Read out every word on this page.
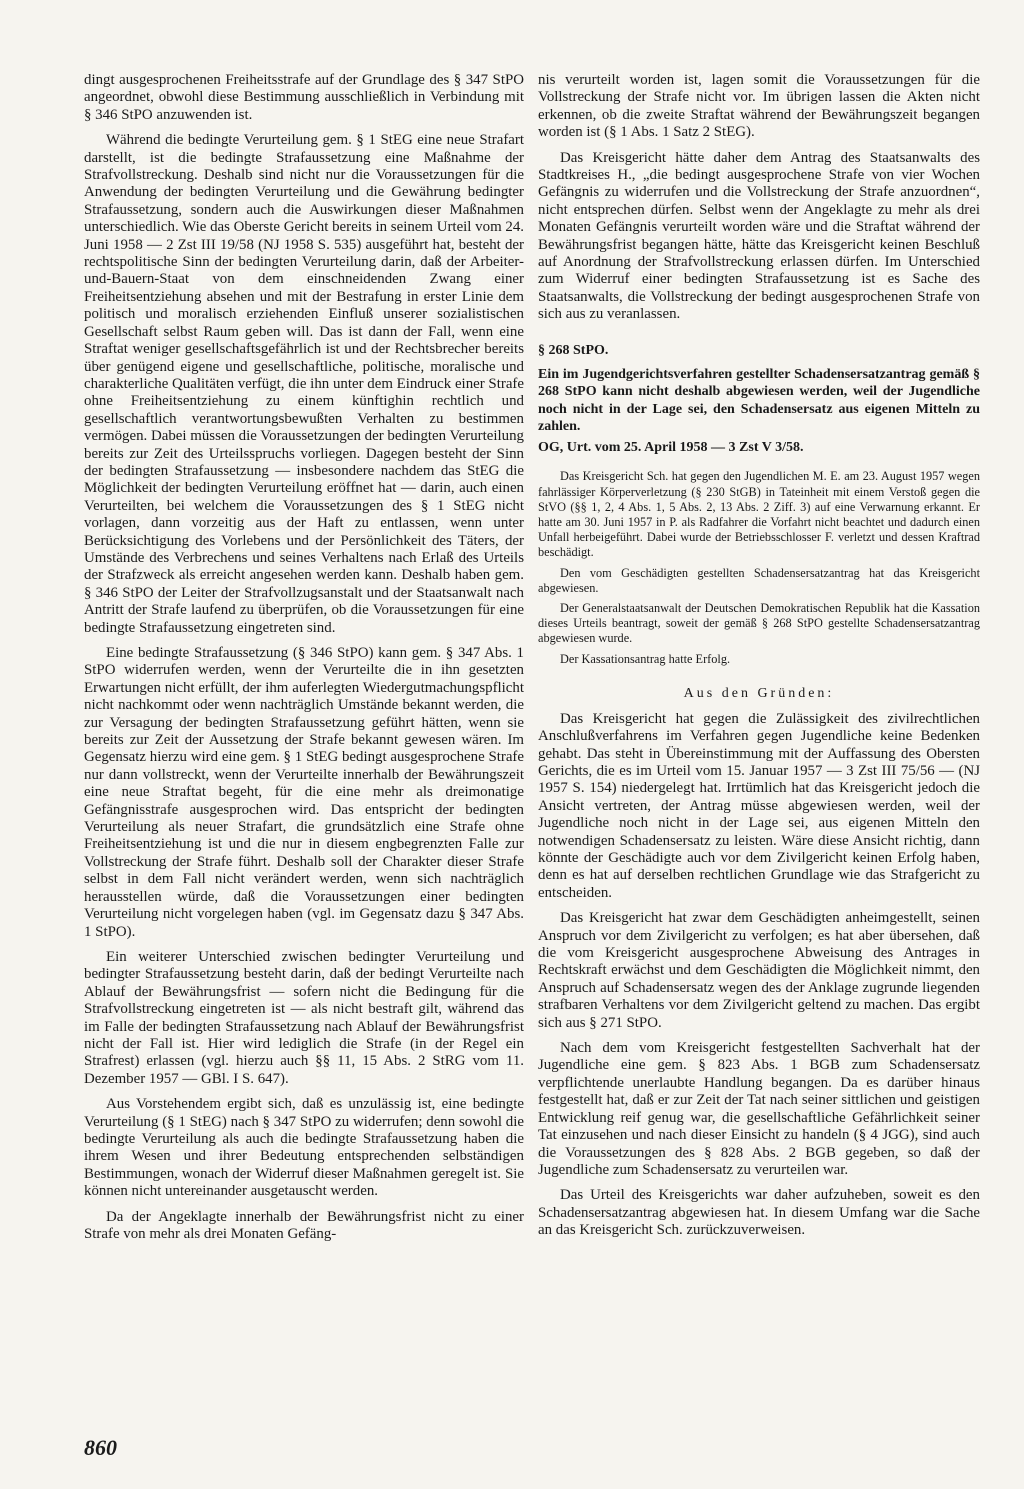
dingt ausgesprochenen Freiheitsstrafe auf der Grundlage des § 347 StPO angeordnet, obwohl diese Bestimmung ausschließlich in Verbindung mit § 346 StPO anzuwenden ist.

Während die bedingte Verurteilung gem. § 1 StEG eine neue Strafart darstellt, ist die bedingte Strafaussetzung eine Maßnahme der Strafvollstreckung. Deshalb sind nicht nur die Voraussetzungen für die Anwendung der bedingten Verurteilung und die Gewährung bedingter Strafaussetzung, sondern auch die Auswirkungen dieser Maßnahmen unterschiedlich. Wie das Oberste Gericht bereits in seinem Urteil vom 24. Juni 1958 — 2 Zst III 19/58 (NJ 1958 S. 535) ausgeführt hat, besteht der rechtspolitische Sinn der bedingten Verurteilung darin, daß der Arbeiter-und-Bauern-Staat von dem einschneidenden Zwang einer Freiheitsentziehung absehen und mit der Bestrafung in erster Linie dem politisch und moralisch erziehenden Einfluß unserer sozialistischen Gesellschaft selbst Raum geben will. Das ist dann der Fall, wenn eine Straftat weniger gesellschaftsgefährlich ist und der Rechtsbrecher bereits über genügend eigene und gesellschaftliche, politische, moralische und charakterliche Qualitäten verfügt, die ihn unter dem Eindruck einer Strafe ohne Freiheitsentziehung zu einem künftighin rechtlich und gesellschaftlich verantwortungsbewußten Verhalten zu bestimmen vermögen. Dabei müssen die Voraussetzungen der bedingten Verurteilung bereits zur Zeit des Urteilsspruchs vorliegen. Dagegen besteht der Sinn der bedingten Strafaussetzung — insbesondere nachdem das StEG die Möglichkeit der bedingten Verurteilung eröffnet hat — darin, auch einen Verurteilten, bei welchem die Voraussetzungen des § 1 StEG nicht vorlagen, dann vorzeitig aus der Haft zu entlassen, wenn unter Berücksichtigung des Vorlebens und der Persönlichkeit des Täters, der Umstände des Verbrechens und seines Verhaltens nach Erlaß des Urteils der Strafzweck als erreicht angesehen werden kann. Deshalb haben gem. § 346 StPO der Leiter der Strafvollzugsanstalt und der Staatsanwalt nach Antritt der Strafe laufend zu überprüfen, ob die Voraussetzungen für eine bedingte Strafaussetzung eingetreten sind.

Eine bedingte Strafaussetzung (§ 346 StPO) kann gem. § 347 Abs. 1 StPO widerrufen werden, wenn der Verurteilte die in ihn gesetzten Erwartungen nicht erfüllt, der ihm auferlegten Wiedergutmachungspflicht nicht nachkommt oder wenn nachträglich Umstände bekannt werden, die zur Versagung der bedingten Strafaussetzung geführt hätten, wenn sie bereits zur Zeit der Aussetzung der Strafe bekannt gewesen wären. Im Gegensatz hierzu wird eine gem. § 1 StEG bedingt ausgesprochene Strafe nur dann vollstreckt, wenn der Verurteilte innerhalb der Bewährungszeit eine neue Straftat begeht, für die eine mehr als dreimonatige Gefängnisstrafe ausgesprochen wird. Das entspricht der bedingten Verurteilung als neuer Strafart, die grundsätzlich eine Strafe ohne Freiheitsentziehung ist und die nur in diesem engbegrenzten Falle zur Vollstreckung der Strafe führt. Deshalb soll der Charakter dieser Strafe selbst in dem Fall nicht verändert werden, wenn sich nachträglich herausstellen würde, daß die Voraussetzungen einer bedingten Verurteilung nicht vorgelegen haben (vgl. im Gegensatz dazu § 347 Abs. 1 StPO).

Ein weiterer Unterschied zwischen bedingter Verurteilung und bedingter Strafaussetzung besteht darin, daß der bedingt Verurteilte nach Ablauf der Bewährungsfrist — sofern nicht die Bedingung für die Strafvollstreckung eingetreten ist — als nicht bestraft gilt, während das im Falle der bedingten Strafaussetzung nach Ablauf der Bewährungsfrist nicht der Fall ist. Hier wird lediglich die Strafe (in der Regel ein Strafrest) erlassen (vgl. hierzu auch §§ 11, 15 Abs. 2 StRG vom 11. Dezember 1957 — GBl. I S. 647).

Aus Vorstehendem ergibt sich, daß es unzulässig ist, eine bedingte Verurteilung (§ 1 StEG) nach § 347 StPO zu widerrufen; denn sowohl die bedingte Verurteilung als auch die bedingte Strafaussetzung haben die ihrem Wesen und ihrer Bedeutung entsprechenden selbständigen Bestimmungen, wonach der Widerruf dieser Maßnahmen geregelt ist. Sie können nicht untereinander ausgetauscht werden.

Da der Angeklagte innerhalb der Bewährungsfrist nicht zu einer Strafe von mehr als drei Monaten Gefäng-

nis verurteilt worden ist, lagen somit die Voraussetzungen für die Vollstreckung der Strafe nicht vor. Im übrigen lassen die Akten nicht erkennen, ob die zweite Straftat während der Bewährungszeit begangen worden ist (§ 1 Abs. 1 Satz 2 StEG).

Das Kreisgericht hätte daher dem Antrag des Staatsanwalts des Stadtkreises H., „die bedingt ausgesprochene Strafe von vier Wochen Gefängnis zu widerrufen und die Vollstreckung der Strafe anzuordnen“, nicht entsprechen dürfen. Selbst wenn der Angeklagte zu mehr als drei Monaten Gefängnis verurteilt worden wäre und die Straftat während der Bewährungsfrist begangen hätte, hätte das Kreisgericht keinen Beschluß auf Anordnung der Strafvollstreckung erlassen dürfen. Im Unterschied zum Widerruf einer bedingten Strafaussetzung ist es Sache des Staatsanwalts, die Vollstreckung der bedingt ausgesprochenen Strafe von sich aus zu veranlassen.

§ 268 StPO.
Ein im Jugendgerichtsverfahren gestellter Schadensersatzantrag gemäß § 268 StPO kann nicht deshalb abgewiesen werden, weil der Jugendliche noch nicht in der Lage sei, den Schadensersatz aus eigenen Mitteln zu zahlen.
OG, Urt. vom 25. April 1958 — 3 Zst V 3/58.

Das Kreisgericht Sch. hat gegen den Jugendlichen M. E. am 23. August 1957 wegen fahrlässiger Körperverletzung (§ 230 StGB) in Tateinheit mit einem Verstoß gegen die StVO (§§ 1, 2, 4 Abs. 1, 5 Abs. 2, 13 Abs. 2 Ziff. 3) auf eine Verwarnung erkannt. Er hatte am 30. Juni 1957 in P. als Radfahrer die Vorfahrt nicht beachtet und dadurch einen Unfall herbeigeführt. Dabei wurde der Betriebsschlosser F. verletzt und dessen Kraftrad beschädigt.

Den vom Geschädigten gestellten Schadensersatzantrag hat das Kreisgericht abgewiesen.

Der Generalstaatsanwalt der Deutschen Demokratischen Republik hat die Kassation dieses Urteils beantragt, soweit der gemäß § 268 StPO gestellte Schadensersatzantrag abgewiesen wurde.

Der Kassationsantrag hatte Erfolg.

Aus den Gründen:

Das Kreisgericht hat gegen die Zulässigkeit des zivilrechtlichen Anschlußverfahrens im Verfahren gegen Jugendliche keine Bedenken gehabt. Das steht in Übereinstimmung mit der Auffassung des Obersten Gerichts, die es im Urteil vom 15. Januar 1957 — 3 Zst III 75/56 — (NJ 1957 S. 154) niedergelegt hat. Irrtümlich hat das Kreisgericht jedoch die Ansicht vertreten, der Antrag müsse abgewiesen werden, weil der Jugendliche noch nicht in der Lage sei, aus eigenen Mitteln den notwendigen Schadensersatz zu leisten. Wäre diese Ansicht richtig, dann könnte der Geschädigte auch vor dem Zivilgericht keinen Erfolg haben, denn es hat auf derselben rechtlichen Grundlage wie das Strafgericht zu entscheiden.

Das Kreisgericht hat zwar dem Geschädigten anheimgestellt, seinen Anspruch vor dem Zivilgericht zu verfolgen; es hat aber übersehen, daß die vom Kreisgericht ausgesprochene Abweisung des Antrages in Rechtskraft erwächst und dem Geschädigten die Möglichkeit nimmt, den Anspruch auf Schadensersatz wegen des der Anklage zugrunde liegenden strafbaren Verhaltens vor dem Zivilgericht geltend zu machen. Das ergibt sich aus § 271 StPO.

Nach dem vom Kreisgericht festgestellten Sachverhalt hat der Jugendliche eine gem. § 823 Abs. 1 BGB zum Schadensersatz verpflichtende unerlaubte Handlung begangen. Da es darüber hinaus festgestellt hat, daß er zur Zeit der Tat nach seiner sittlichen und geistigen Entwicklung reif genug war, die gesellschaftliche Gefährlichkeit seiner Tat einzusehen und nach dieser Einsicht zu handeln (§ 4 JGG), sind auch die Voraussetzungen des § 828 Abs. 2 BGB gegeben, so daß der Jugendliche zum Schadensersatz zu verurteilen war.

Das Urteil des Kreisgerichts war daher aufzuheben, soweit es den Schadensersatzantrag abgewiesen hat. In diesem Umfang war die Sache an das Kreisgericht Sch. zurückzuverweisen.

860
